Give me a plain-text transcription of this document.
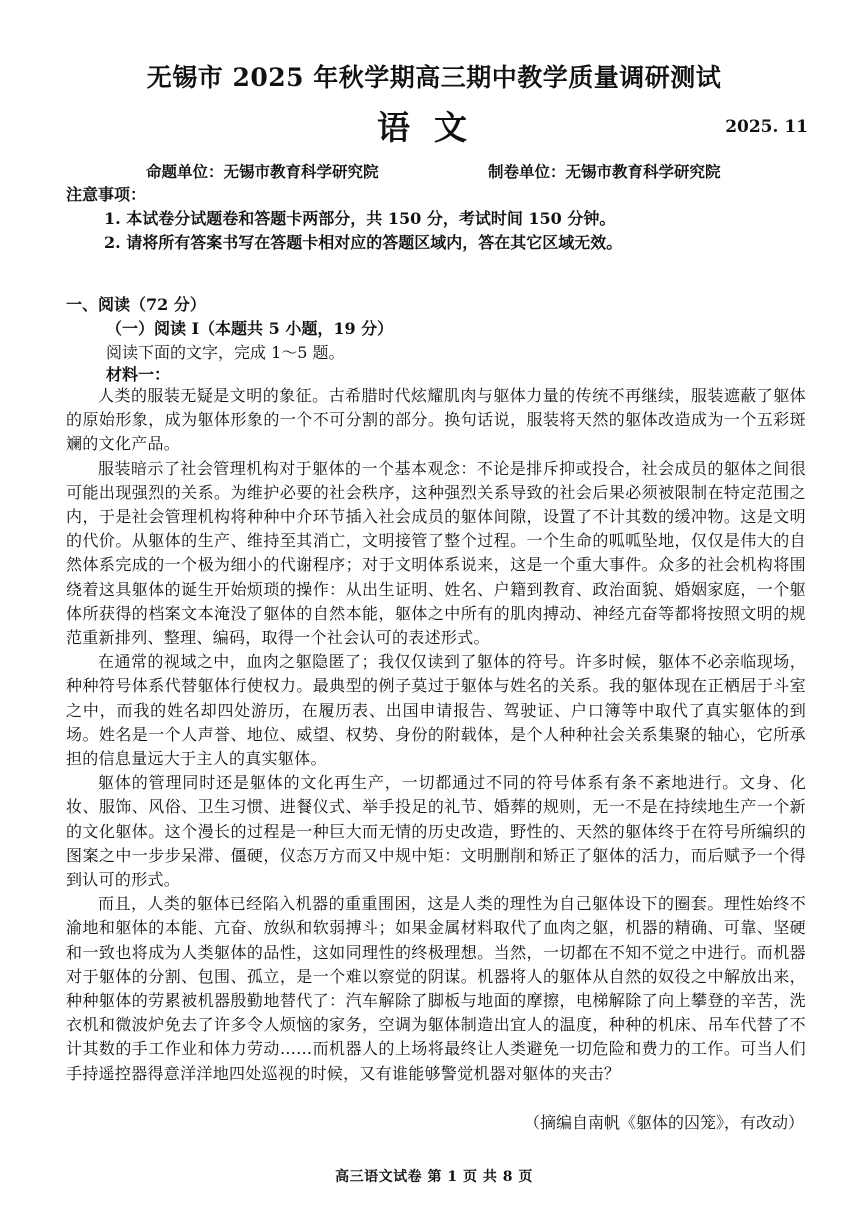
无锡市 2025 年秋学期高三期中教学质量调研测试
语文	2025. 11
命题单位：无锡市教育科学研究院	制卷单位：无锡市教育科学研究院
注意事项：
1. 本试卷分试题卷和答题卡两部分，共 150 分，考试时间 150 分钟。
2. 请将所有答案书写在答题卡相对应的答题区域内，答在其它区域无效。
一、阅读（72 分）
（一）阅读 I（本题共 5 小题，19 分）
阅读下面的文字，完成 1～5 题。
材料一：

人类的服装无疑是文明的象征。古希腊时代炫耀肌肉与躯体力量的传统不再继续，服装遮蔽了躯体的原始形象，成为躯体形象的一个不可分割的部分。换句话说，服装将天然的躯体改造成为一个五彩斑斓的文化产品。

服装暗示了社会管理机构对于躯体的一个基本观念：不论是排斥抑或投合，社会成员的躯体之间很可能出现强烈的关系。为维护必要的社会秩序，这种强烈关系导致的社会后果必须被限制在特定范围之内，于是社会管理机构将种种中介环节插入社会成员的躯体间隙，设置了不计其数的缓冲物。这是文明的代价。从躯体的生产、维持至其消亡，文明接管了整个过程。一个生命的呱呱坠地，仅仅是伟大的自然体系完成的一个极为细小的代谢程序；对于文明体系说来，这是一个重大事件。众多的社会机构将围绕着这具躯体的诞生开始烦琐的操作：从出生证明、姓名、户籍到教育、政治面貌、婚姻家庭，一个躯体所获得的档案文本淹没了躯体的自然本能，躯体之中所有的肌肉搏动、神经亢奋等都将按照文明的规范重新排列、整理、编码，取得一个社会认可的表述形式。

在通常的视域之中，血肉之躯隐匿了；我仅仅读到了躯体的符号。许多时候，躯体不必亲临现场，种种符号体系代替躯体行使权力。最典型的例子莫过于躯体与姓名的关系。我的躯体现在正栖居于斗室之中，而我的姓名却四处游历，在履历表、出国申请报告、驾驶证、户口簿等中取代了真实躯体的到场。姓名是一个人声誉、地位、威望、权势、身份的附载体，是个人种种社会关系集聚的轴心，它所承担的信息量远大于主人的真实躯体。

躯体的管理同时还是躯体的文化再生产，一切都通过不同的符号体系有条不紊地进行。文身、化妆、服饰、风俗、卫生习惯、进餐仪式、举手投足的礼节、婚葬的规则，无一不是在持续地生产一个新的文化躯体。这个漫长的过程是一种巨大而无情的历史改造，野性的、天然的躯体终于在符号所编织的图案之中一步步呆滞、僵硬，仪态万方而又中规中矩：文明删削和矫正了躯体的活力，而后赋予一个得到认可的形式。

而且，人类的躯体已经陷入机器的重重围困，这是人类的理性为自己躯体设下的圈套。理性始终不渝地和躯体的本能、亢奋、放纵和软弱搏斗；如果金属材料取代了血肉之躯，机器的精确、可靠、坚硬和一致也将成为人类躯体的品性，这如同理性的终极理想。当然，一切都在不知不觉之中进行。而机器对于躯体的分割、包围、孤立，是一个难以察觉的阴谋。机器将人的躯体从自然的奴役之中解放出来，种种躯体的劳累被机器殷勤地替代了：汽车解除了脚板与地面的摩擦，电梯解除了向上攀登的辛苦，洗衣机和微波炉免去了许多令人烦恼的家务，空调为躯体制造出宜人的温度，种种的机床、吊车代替了不计其数的手工作业和体力劳动……而机器人的上场将最终让人类避免一切危险和费力的工作。可当人们手持遥控器得意洋洋地四处巡视的时候，又有谁能够警觉机器对躯体的夹击？

（摘编自南帆《躯体的囚笼》，有改动）
高三语文试卷 第 1 页 共 8 页
